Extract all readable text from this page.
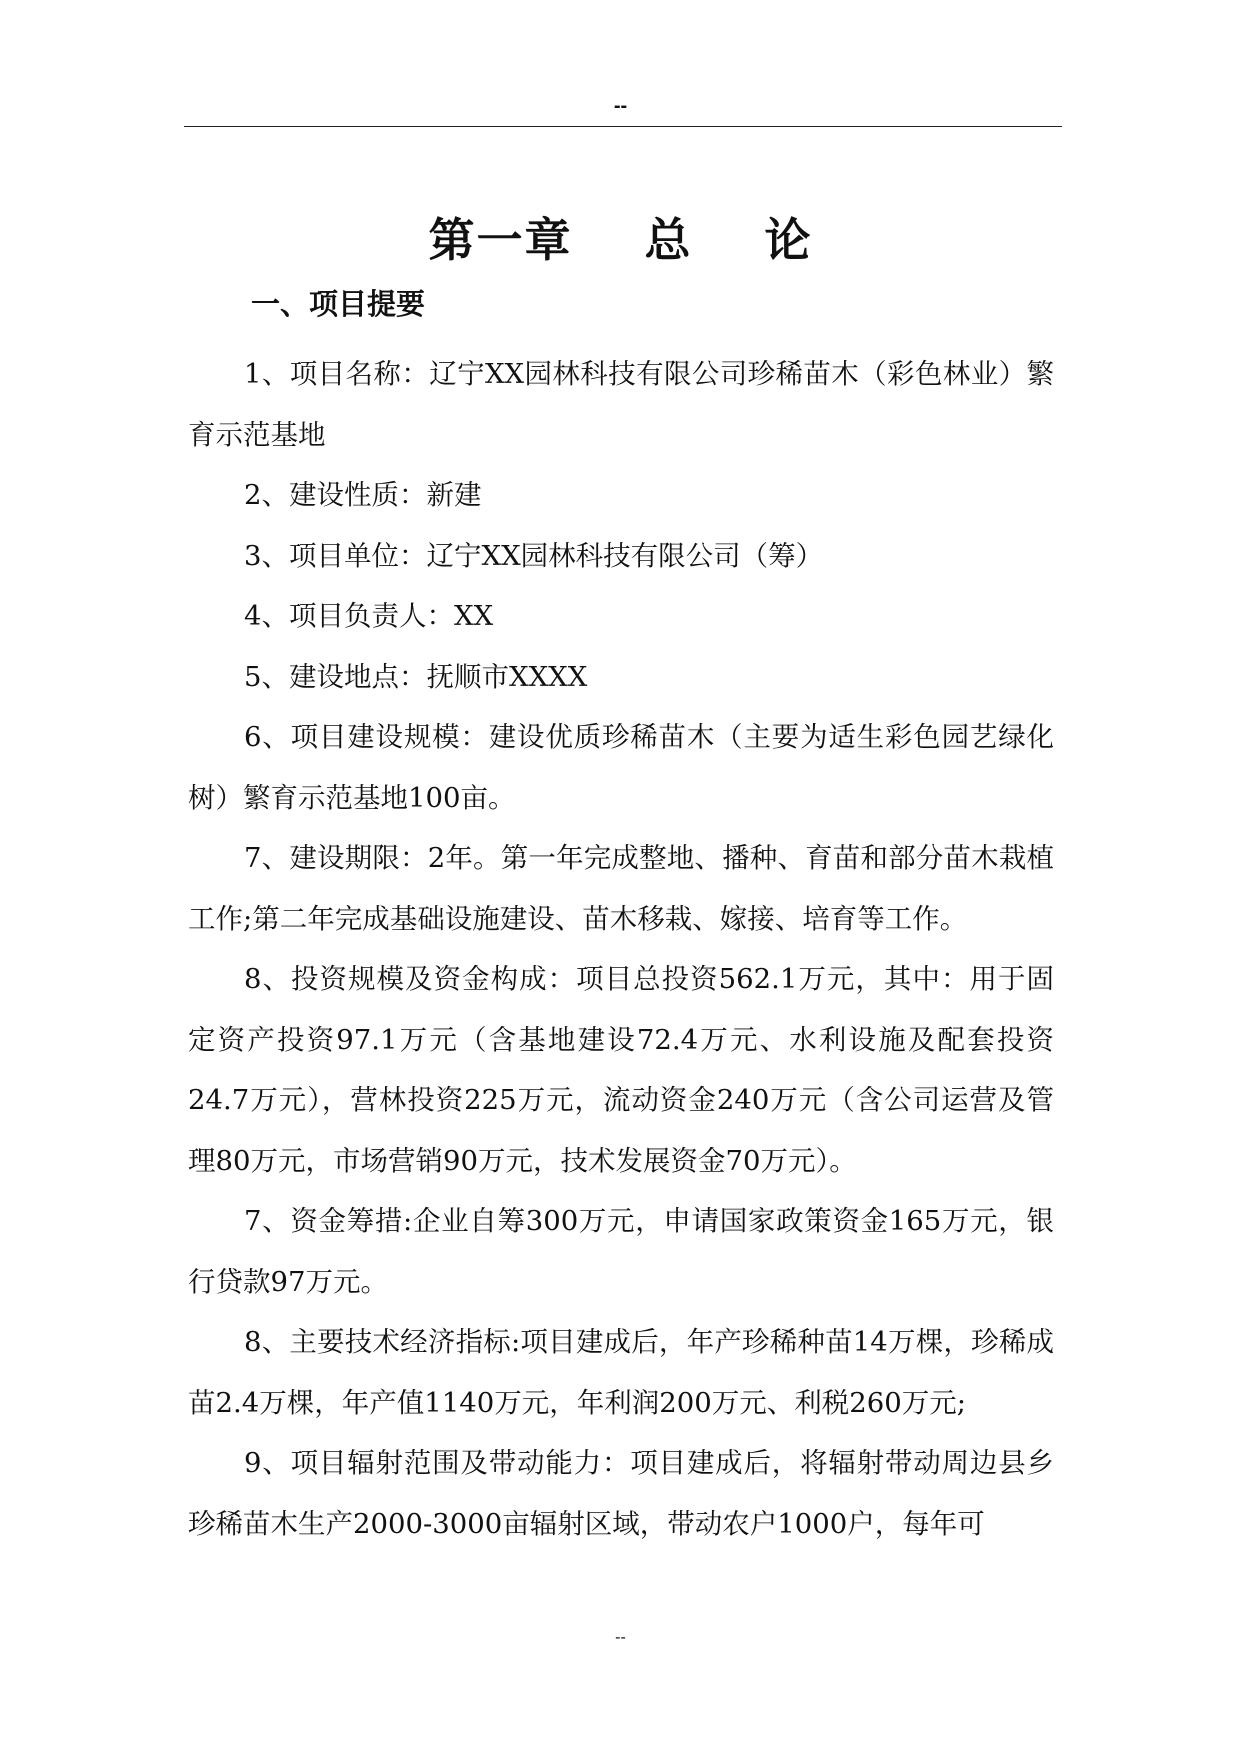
--
第一章    总    论
一、项目提要

1、项目名称：辽宁XX园林科技有限公司珍稀苗木（彩色林业）繁育示范基地

2、建设性质：新建

3、项目单位：辽宁XX园林科技有限公司（筹）

4、项目负责人：XX

5、建设地点：抚顺市XXXX

6、项目建设规模：建设优质珍稀苗木（主要为适生彩色园艺绿化树）繁育示范基地100亩。

7、建设期限：2年。第一年完成整地、播种、育苗和部分苗木栽植工作;第二年完成基础设施建设、苗木移栽、嫁接、培育等工作。

8、投资规模及资金构成：项目总投资562.1万元，其中：用于固定资产投资97.1万元（含基地建设72.4万元、水利设施及配套投资24.7万元），营林投资225万元，流动资金240万元（含公司运营及管理80万元，市场营销90万元，技术发展资金70万元）。

7、资金筹措:企业自筹300万元，申请国家政策资金165万元，银行贷款97万元。

8、主要技术经济指标:项目建成后，年产珍稀种苗14万棵，珍稀成苗2.4万棵，年产值1140万元，年利润200万元、利税260万元;

9、项目辐射范围及带动能力：项目建成后，将辐射带动周边县乡珍稀苗木生产2000-3000亩辐射区域，带动农户1000户，每年可

--
